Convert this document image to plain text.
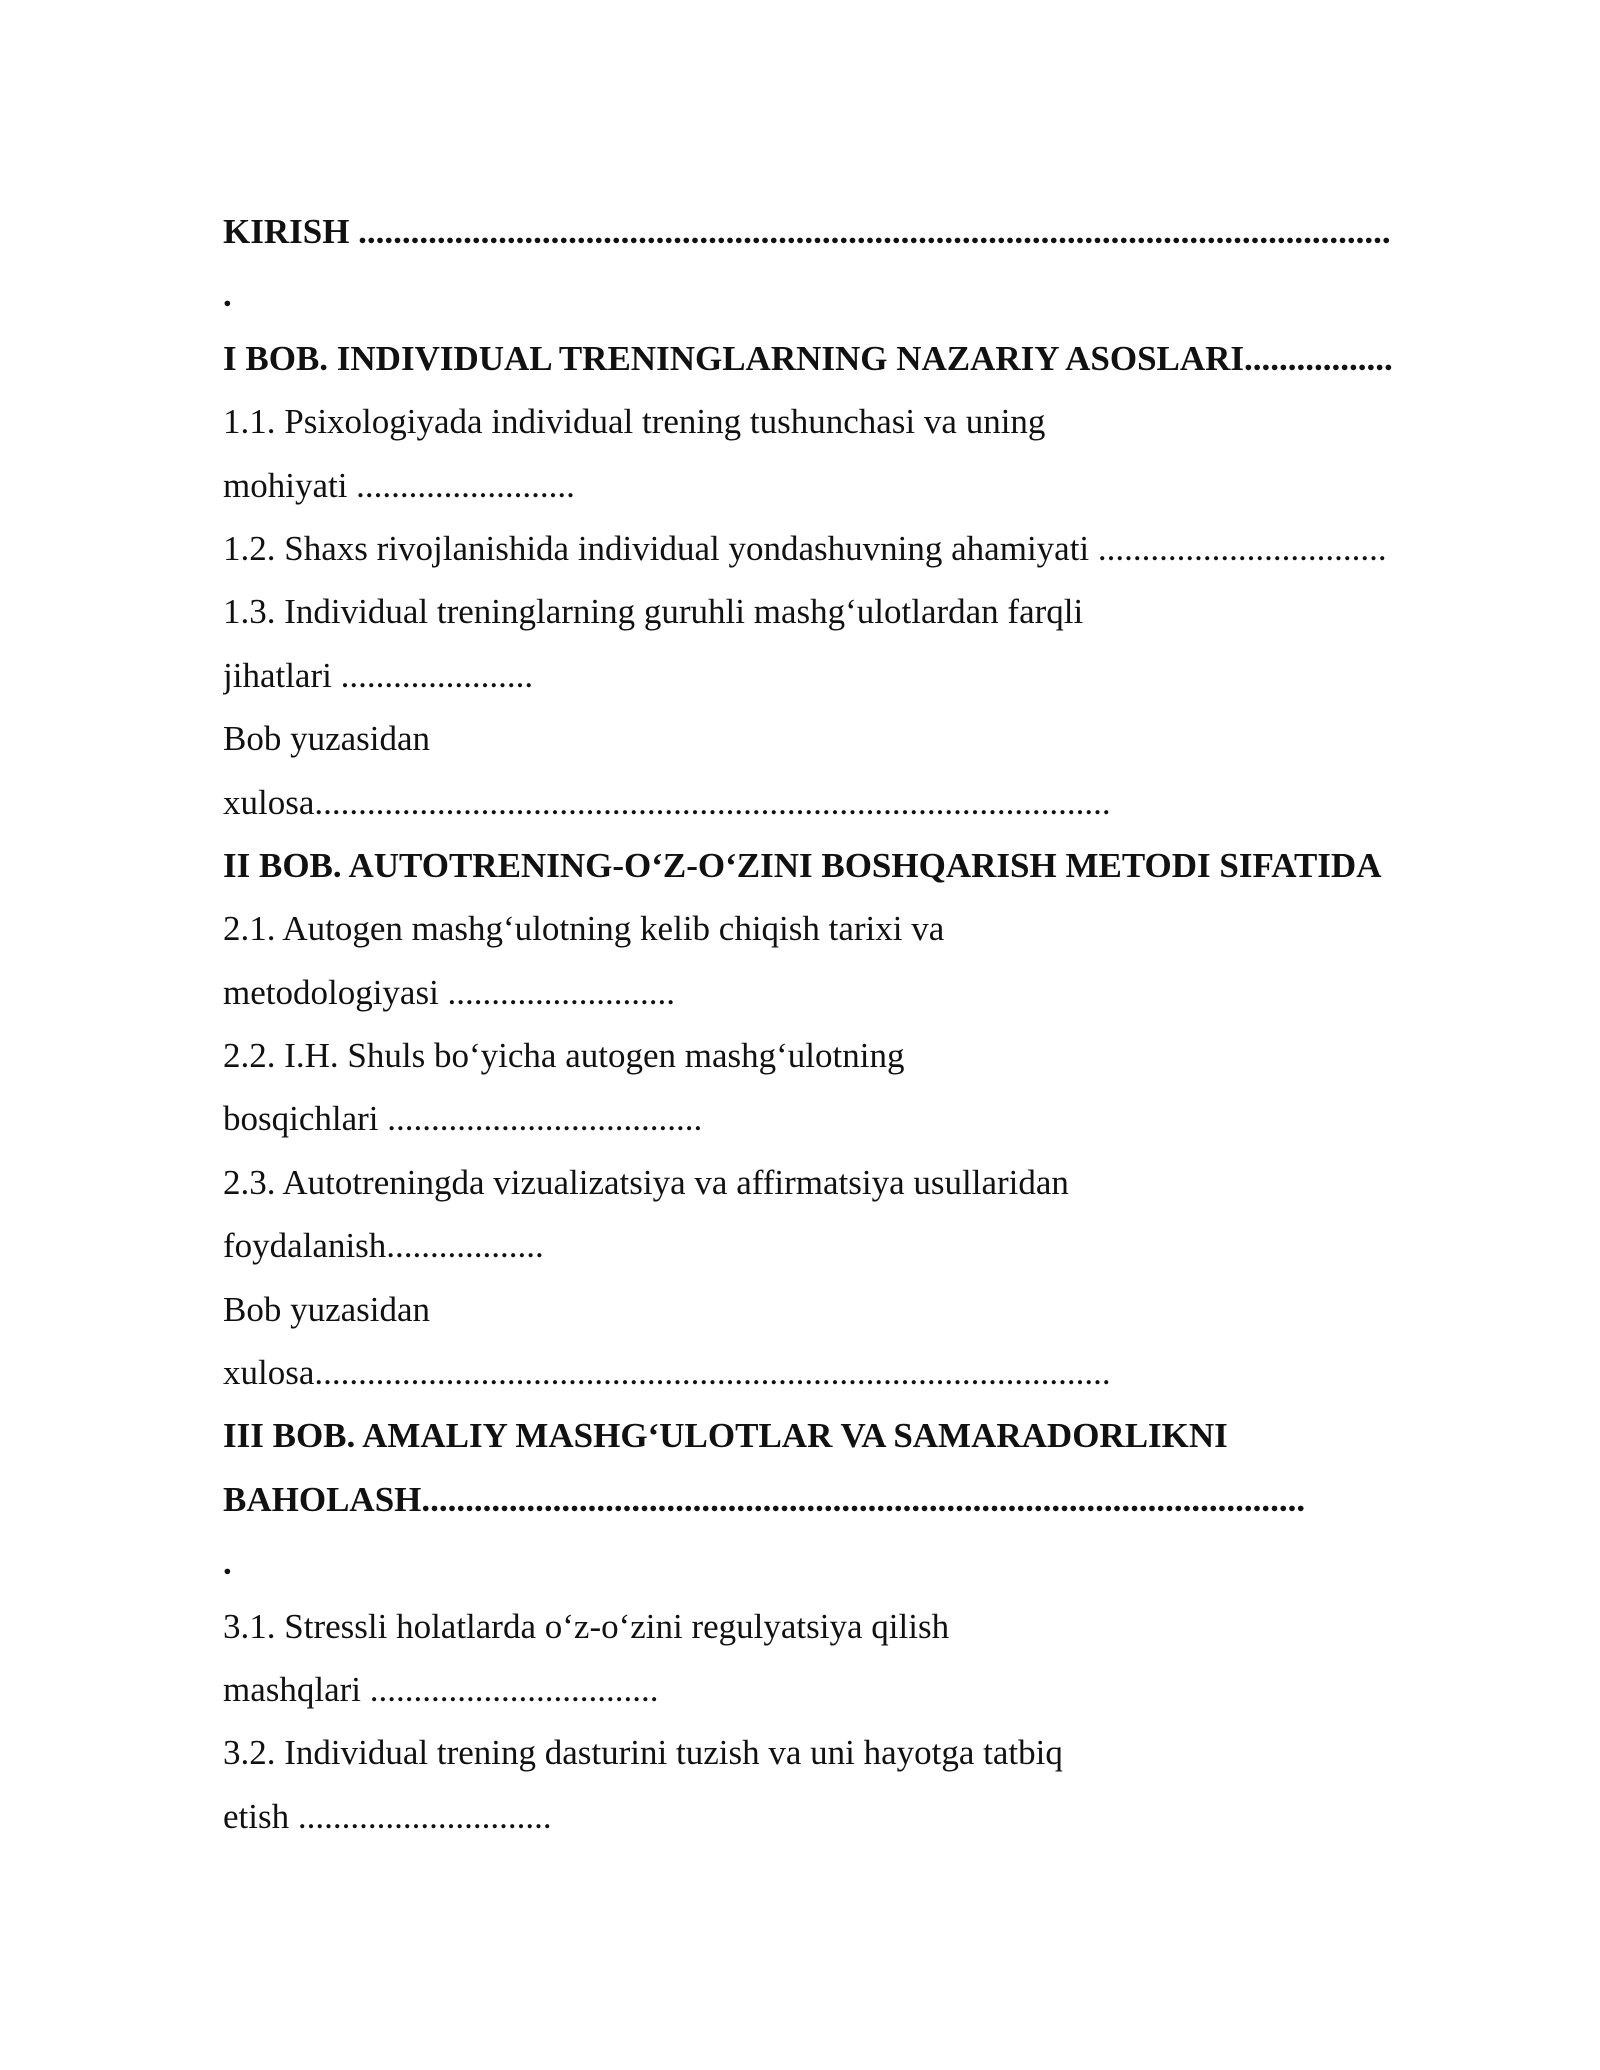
KIRISH ......................................................................................................................
.
I BOB. INDIVIDUAL TRENINGLARNING NAZARIY ASOSLARI.................
1.1. Psixologiyada individual trening tushunchasi va uning
mohiyati .........................
1.2. Shaxs rivojlanishida individual yondashuvning ahamiyati .................................
1.3. Individual treninglarning guruhli mashg‘ulotlardan farqli
jihatlari ......................
Bob yuzasidan
xulosa...........................................................................................
II BOB. AUTOTRENING-O‘Z-O‘ZINI BOSHQARISH METODI SIFATIDA
2.1. Autogen mashg‘ulotning kelib chiqish tarixi va
metodologiyasi ..........................
2.2. I.H. Shuls bo‘yicha autogen mashg‘ulotning
bosqichlari ....................................
2.3. Autotreningda vizualizatsiya va affirmatsiya usullaridan
foydalanish..................
Bob yuzasidan
xulosa...........................................................................................
III BOB. AMALIY MASHG‘ULOTLAR VA SAMARADORLIKNI
BAHOLASH.....................................................................................................
.
3.1. Stressli holatlarda o‘z-o‘zini regulyatsiya qilish
mashqlari .................................
3.2. Individual trening dasturini tuzish va uni hayotga tatbiq
etish .............................
